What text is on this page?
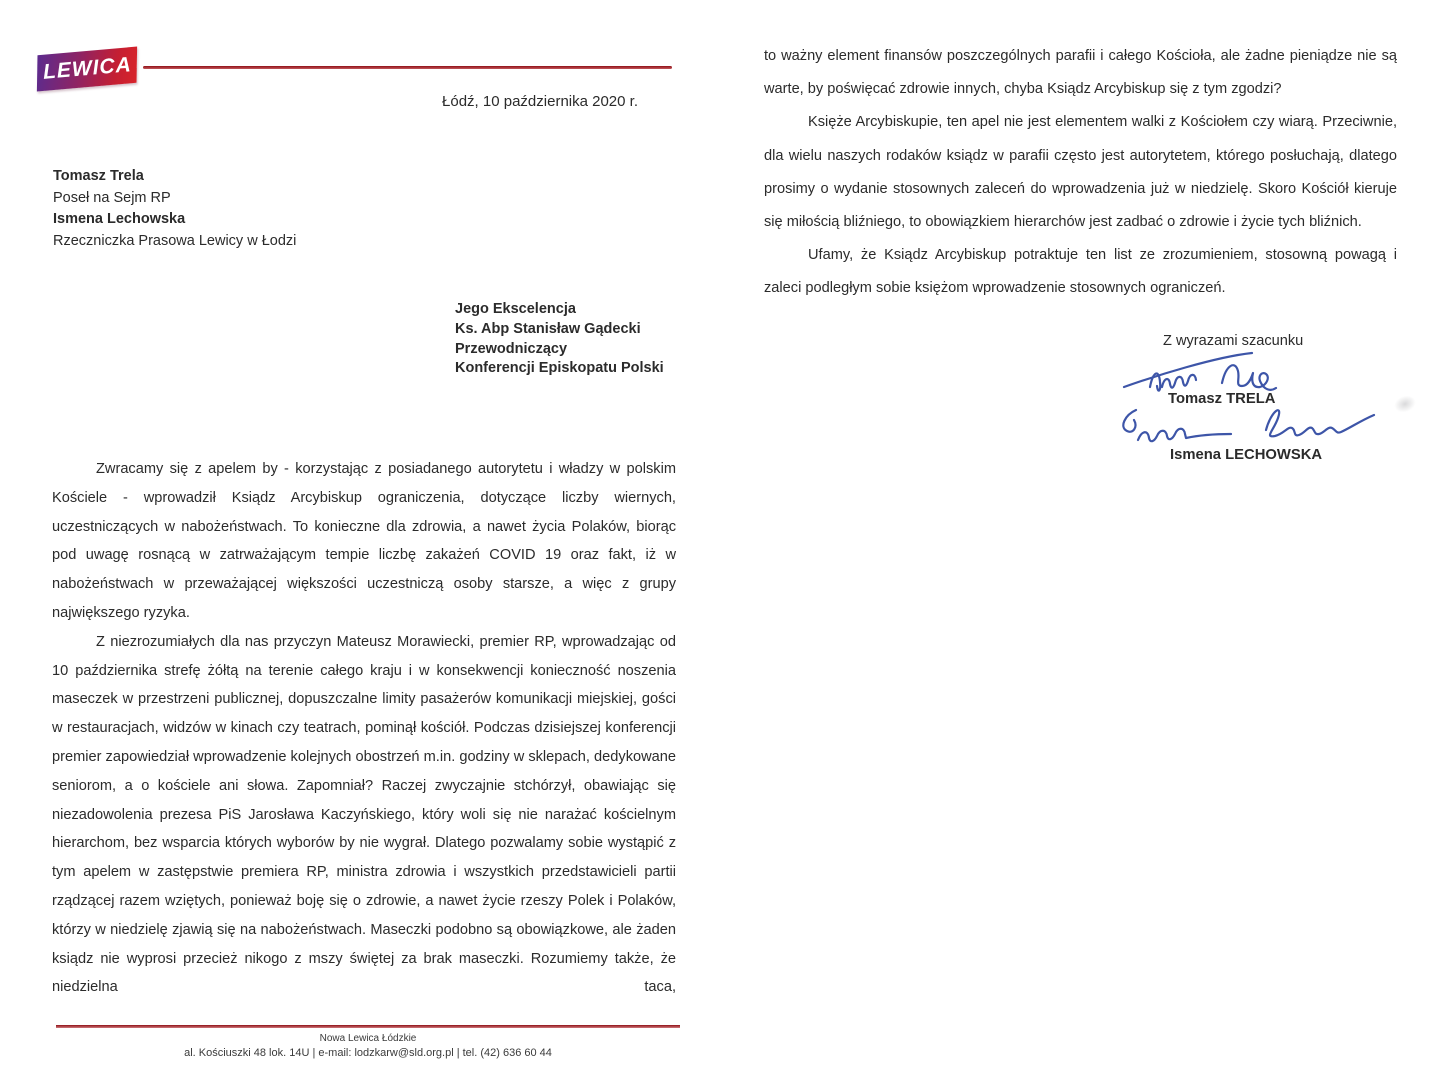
LEWICA
Łódź, 10 października 2020 r.
Tomasz Trela
Poseł na Sejm RP
Ismena Lechowska
Rzeczniczka Prasowa Lewicy w Łodzi
Jego Ekscelencja
Ks. Abp Stanisław Gądecki
Przewodniczący
Konferencji Episkopatu Polski

Zwracamy się z apelem by - korzystając z posiadanego autorytetu i władzy w polskim Kościele - wprowadził Ksiądz Arcybiskup ograniczenia, dotyczące liczby wiernych, uczestniczących w nabożeństwach. To konieczne dla zdrowia, a nawet życia Polaków, biorąc pod uwagę rosnącą w zatrważającym tempie liczbę zakażeń COVID 19 oraz fakt, iż w nabożeństwach w przeważającej większości uczestniczą osoby starsze, a więc z grupy największego ryzyka.

Z niezrozumiałych dla nas przyczyn Mateusz Morawiecki, premier RP, wprowadzając od 10 października strefę żółtą na terenie całego kraju i w konsekwencji konieczność noszenia maseczek w przestrzeni publicznej, dopuszczalne limity pasażerów komunikacji miejskiej, gości w restauracjach, widzów w kinach czy teatrach, pominął kościół. Podczas dzisiejszej konferencji premier zapowiedział wprowadzenie kolejnych obostrzeń m.in. godziny w sklepach, dedykowane seniorom, a o kościele ani słowa. Zapomniał? Raczej zwyczajnie stchórzył, obawiając się niezadowolenia prezesa PiS Jarosława Kaczyńskiego, który woli się nie narażać kościelnym hierarchom, bez wsparcia których wyborów by nie wygrał. Dlatego pozwalamy sobie wystąpić z tym apelem w zastępstwie premiera RP, ministra zdrowia i wszystkich przedstawicieli partii rządzącej razem wziętych, ponieważ boję się o zdrowie, a nawet życie rzeszy Polek i Polaków, którzy w niedzielę zjawią się na nabożeństwach. Maseczki podobno są obowiązkowe, ale żaden ksiądz nie wyprosi przecież nikogo z mszy świętej za brak maseczki. Rozumiemy także, że niedzielna taca,

Nowa Lewica Łódzkie
al. Kościuszki 48 lok. 14U | e-mail: lodzkarw@sld.org.pl | tel. (42) 636 60 44

to ważny element finansów poszczególnych parafii i całego Kościoła, ale żadne pieniądze nie są warte, by poświęcać zdrowie innych, chyba Ksiądz Arcybiskup się z tym zgodzi?

Księże Arcybiskupie, ten apel nie jest elementem walki z Kościołem czy wiarą. Przeciwnie, dla wielu naszych rodaków ksiądz w parafii często jest autorytetem, którego posłuchają, dlatego prosimy o wydanie stosownych zaleceń do wprowadzenia już w niedzielę. Skoro Kościół kieruje się miłością bliźniego, to obowiązkiem hierarchów jest zadbać o zdrowie i życie tych bliźnich.

Ufamy, że Ksiądz Arcybiskup potraktuje ten list ze zrozumieniem, stosowną powagą i zaleci podległym sobie księżom wprowadzenie stosownych ograniczeń.

Z wyrazami szacunku
Tomasz TRELA
Ismena LECHOWSKA
